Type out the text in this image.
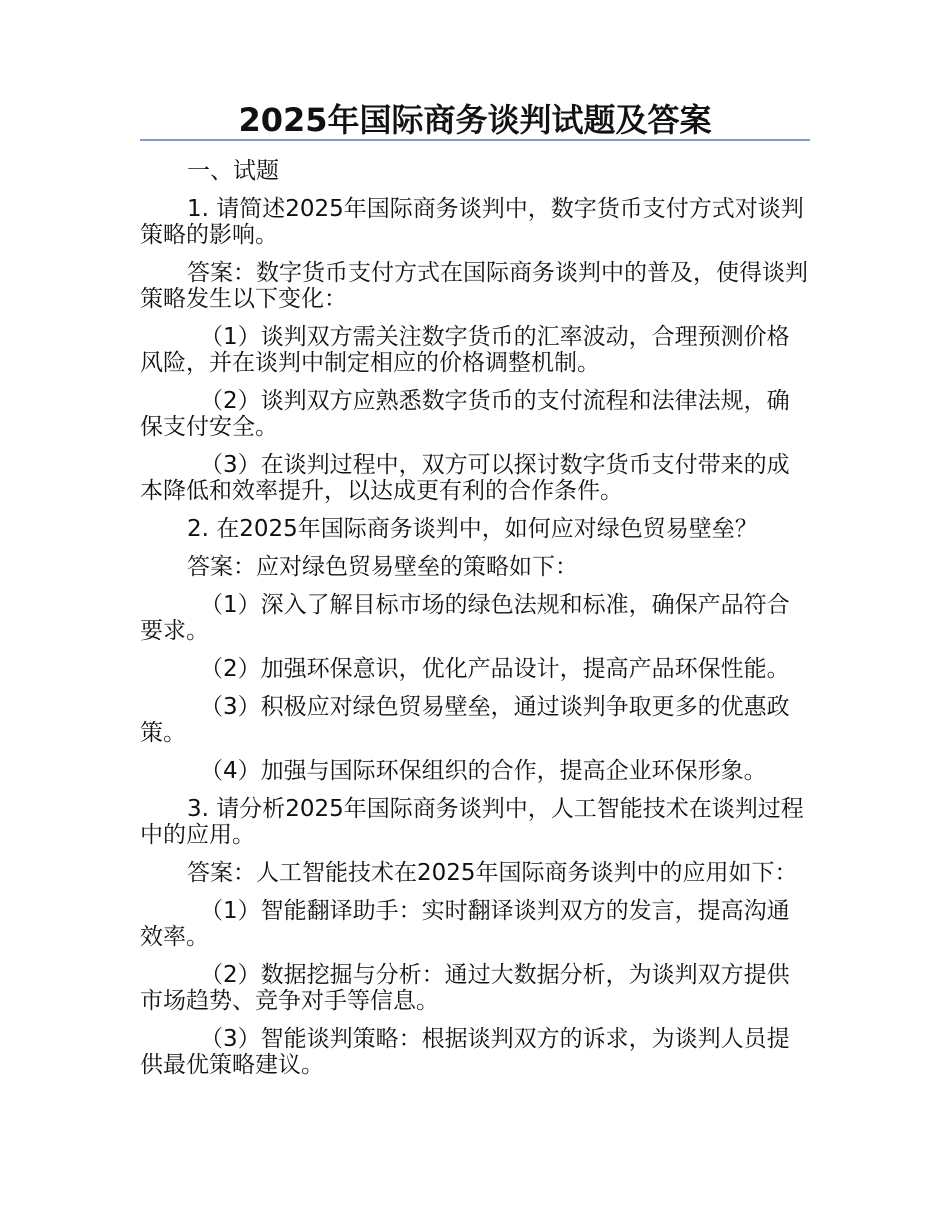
2025年国际商务谈判试题及答案

一、试题

1. 请简述2025年国际商务谈判中，数字货币支付方式对谈判策略的影响。

答案：数字货币支付方式在国际商务谈判中的普及，使得谈判策略发生以下变化：

（1）谈判双方需关注数字货币的汇率波动，合理预测价格风险，并在谈判中制定相应的价格调整机制。

（2）谈判双方应熟悉数字货币的支付流程和法律法规，确保支付安全。

（3）在谈判过程中，双方可以探讨数字货币支付带来的成本降低和效率提升，以达成更有利的合作条件。

2. 在2025年国际商务谈判中，如何应对绿色贸易壁垒？

答案：应对绿色贸易壁垒的策略如下：

（1）深入了解目标市场的绿色法规和标准，确保产品符合要求。

（2）加强环保意识，优化产品设计，提高产品环保性能。

（3）积极应对绿色贸易壁垒，通过谈判争取更多的优惠政策。

（4）加强与国际环保组织的合作，提高企业环保形象。

3. 请分析2025年国际商务谈判中，人工智能技术在谈判过程中的应用。

答案：人工智能技术在2025年国际商务谈判中的应用如下：

（1）智能翻译助手：实时翻译谈判双方的发言，提高沟通效率。

（2）数据挖掘与分析：通过大数据分析，为谈判双方提供市场趋势、竞争对手等信息。

（3）智能谈判策略：根据谈判双方的诉求，为谈判人员提供最优策略建议。
